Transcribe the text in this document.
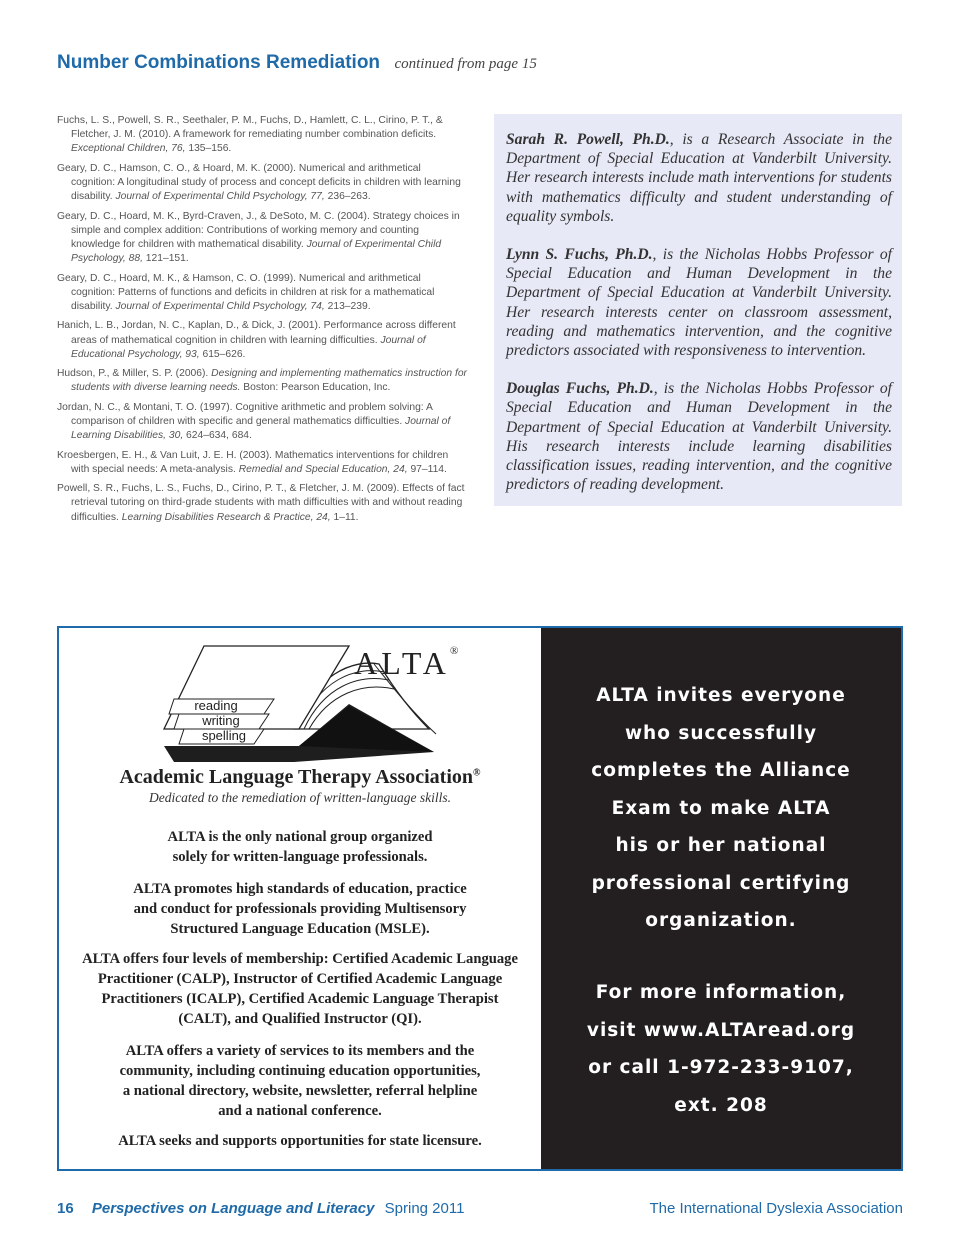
Number Combinations Remediation continued from page 15
Fuchs, L. S., Powell, S. R., Seethaler, P. M., Fuchs, D., Hamlett, C. L., Cirino, P. T., & Fletcher, J. M. (2010). A framework for remediating number combination deficits. Exceptional Children, 76, 135–156.
Geary, D. C., Hamson, C. O., & Hoard, M. K. (2000). Numerical and arithmetical cognition: A longitudinal study of process and concept deficits in children with learning disability. Journal of Experimental Child Psychology, 77, 236–263.
Geary, D. C., Hoard, M. K., Byrd-Craven, J., & DeSoto, M. C. (2004). Strategy choices in simple and complex addition: Contributions of working memory and counting knowledge for children with mathematical disability. Journal of Experimental Child Psychology, 88, 121–151.
Geary, D. C., Hoard, M. K., & Hamson, C. O. (1999). Numerical and arithmetical cognition: Patterns of functions and deficits in children at risk for a mathematical disability. Journal of Experimental Child Psychology, 74, 213–239.
Hanich, L. B., Jordan, N. C., Kaplan, D., & Dick, J. (2001). Performance across different areas of mathematical cognition in children with learning difficulties. Journal of Educational Psychology, 93, 615–626.
Hudson, P., & Miller, S. P. (2006). Designing and implementing mathematics instruction for students with diverse learning needs. Boston: Pearson Education, Inc.
Jordan, N. C., & Montani, T. O. (1997). Cognitive arithmetic and problem solving: A comparison of children with specific and general mathematics difficulties. Journal of Learning Disabilities, 30, 624–634, 684.
Kroesbergen, E. H., & Van Luit, J. E. H. (2003). Mathematics interventions for children with special needs: A meta-analysis. Remedial and Special Education, 24, 97–114.
Powell, S. R., Fuchs, L. S., Fuchs, D., Cirino, P. T., & Fletcher, J. M. (2009). Effects of fact retrieval tutoring on third-grade students with math difficulties with and without reading difficulties. Learning Disabilities Research & Practice, 24, 1–11.

Sarah R. Powell, Ph.D., is a Research Associate in the Department of Special Education at Vanderbilt University. Her research interests include math interventions for students with mathematics difficulty and student understanding of equality symbols.

Lynn S. Fuchs, Ph.D., is the Nicholas Hobbs Professor of Special Education and Human Development in the Department of Special Education at Vanderbilt University. Her research interests center on classroom assessment, reading and mathematics intervention, and the cognitive predictors associated with responsiveness to intervention.

Douglas Fuchs, Ph.D., is the Nicholas Hobbs Professor of Special Education and Human Development in the Department of Special Education at Vanderbilt University. His research interests include learning disabilities classification issues, reading intervention, and the cognitive predictors of reading development.

reading
writing
spelling
ALTA ®
Academic Language Therapy Association®
Dedicated to the remediation of written-language skills.
ALTA is the only national group organized
solely for written-language professionals.
ALTA promotes high standards of education, practice
and conduct for professionals providing Multisensory
Structured Language Education (MSLE).
ALTA offers four levels of membership: Certified Academic Language
Practitioner (CALP), Instructor of Certified Academic Language
Practitioners (ICALP), Certified Academic Language Therapist
(CALT), and Qualified Instructor (QI).
ALTA offers a variety of services to its members and the
community, including continuing education opportunities,
a national directory, website, newsletter, referral helpline
and a national conference.
ALTA seeks and supports opportunities for state licensure.
ALTA invites everyone
who successfully
completes the Alliance
Exam to make ALTA
his or her national
professional certifying
organization.
For more information,
visit www.ALTAread.org
or call 1-972-233-9107,
ext. 208
16 Perspectives on Language and Literacy Spring 2011	The International Dyslexia Association
